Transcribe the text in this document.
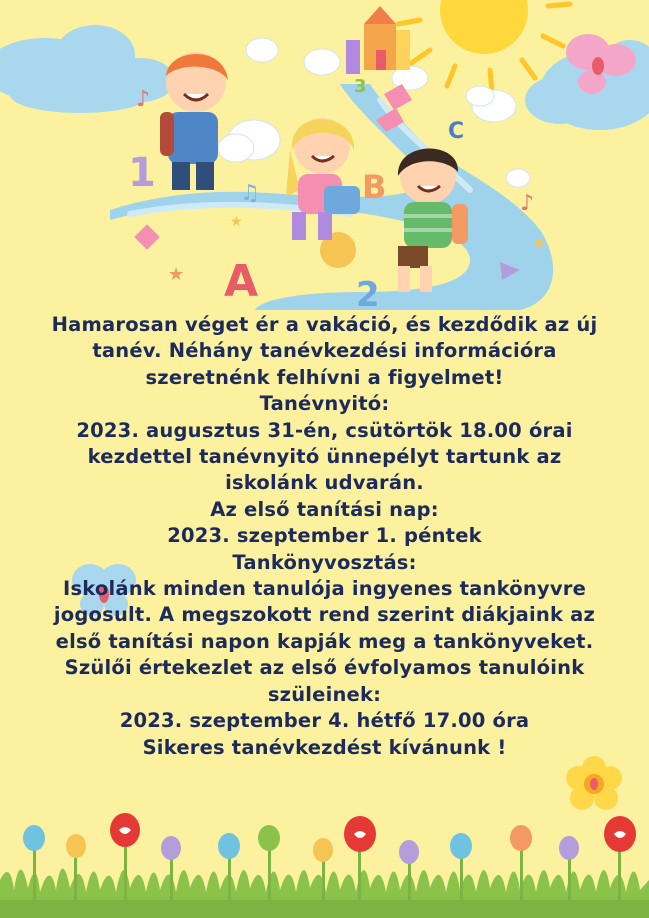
1
A
B
C
2
3
♪
♫	♪
★
★
★
Hamarosan véget ér a vakáció, és kezdődik az új
tanév. Néhány tanévkezdési információra
szeretnénk felhívni a figyelmet!
Tanévnyitó:
2023. augusztus 31-én, csütörtök 18.00 órai
kezdettel tanévnyitó ünnepélyt tartunk az
iskolánk udvarán.
Az első tanítási nap:
2023. szeptember 1. péntek
Tankönyvosztás:
Iskolánk minden tanulója ingyenes tankönyvre
jogosult. A megszokott rend szerint diákjaink az
első tanítási napon kapják meg a tankönyveket.
Szülői értekezlet az első évfolyamos tanulóink
szüleinek:
2023. szeptember 4. hétfő 17.00 óra
Sikeres tanévkezdést kívánunk !
